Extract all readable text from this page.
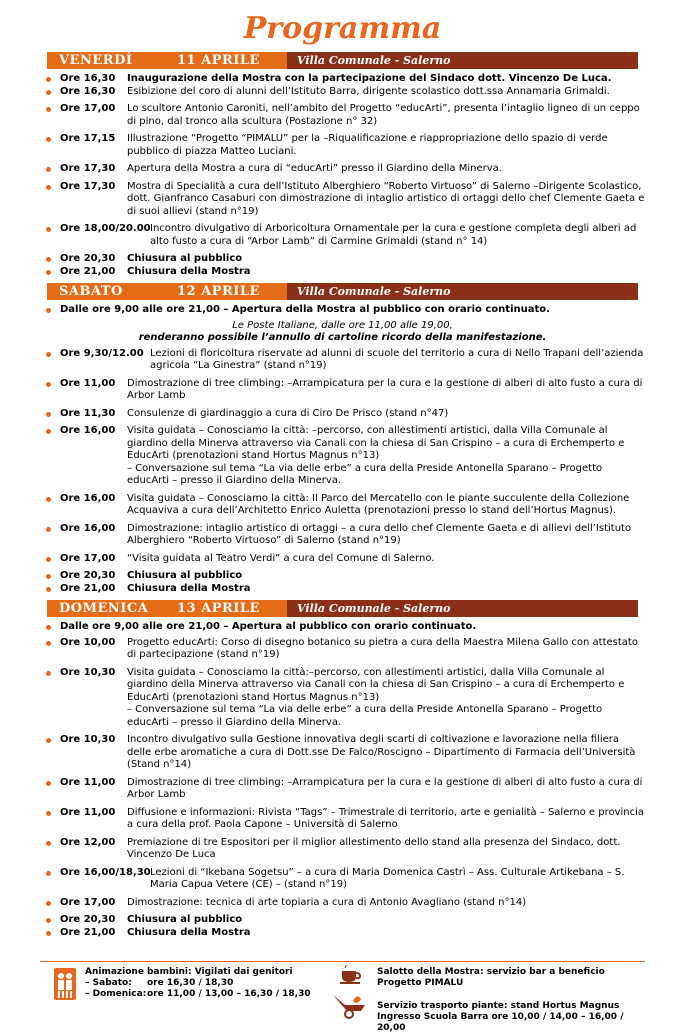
Programma
VENERDÌ	11 APRILE	Villa Comunale - Salerno
Ore 16,30 Inaugurazione della Mostra con la partecipazione del Sindaco dott. Vincenzo De Luca.
Ore 16,30 Esibizione del coro di alunni dell’Istituto Barra, dirigente scolastico dott.ssa Annamaria Grimaldi.
Ore 17,00 Lo scultore Antonio Caroniti, nell’ambito del Progetto “educArti”, presenta l’intaglio ligneo di un ceppo di pino, dal tronco alla scultura (Postazione n° 32)
Ore 17,15 Illustrazione “Progetto “PIMALU” per la –Riqualificazione e riappropriazione dello spazio di verde pubblico di piazza Matteo Luciani.
Ore 17,30 Apertura della Mostra a cura di “educArti” presso il Giardino della Minerva.
Ore 17,30 Mostra di Specialità a cura dell’Istituto Alberghiero “Roberto Virtuoso” di Salerno –Dirigente Scolastico, dott. Gianfranco Casaburi con dimostrazione di intaglio artistico di ortaggi dello chef Clemente Gaeta e di suoi allievi (stand n°19)
Ore 18,00/20.00 Incontro divulgativo di Arboricoltura Ornamentale per la cura e gestione completa degli alberi ad alto fusto a cura di “Arbor Lamb” di Carmine Grimaldi (stand n° 14)
Ore 20,30 Chiusura al pubblico
Ore 21,00 Chiusura della Mostra
SABATO	12 APRILE	Villa Comunale - Salerno
Dalle ore 9,00 alle ore 21,00 – Apertura della Mostra al pubblico con orario continuato.
Le Poste Italiane, dalle ore 11,00 alle 19,00,
renderanno possibile l’annullo di cartoline ricordo della manifestazione.
Ore 9,30/12.00 Lezioni di floricoltura riservate ad alunni di scuole del territorio a cura di Nello Trapani dell’azienda agricola “La Ginestra” (stand n°19)
Ore 11,00 Dimostrazione di tree climbing: –Arrampicatura per la cura e la gestione di alberi di alto fusto a cura di Arbor Lamb
Ore 11,30 Consulenze di giardinaggio a cura di Ciro De Prisco (stand n°47)
Ore 16,00 Visita guidata – Conosciamo la città: –percorso, con allestimenti artistici, dalla Villa Comunale al giardino della Minerva attraverso via Canali con la chiesa di San Crispino – a cura di Erchemperto e EducArti (prenotazioni stand Hortus Magnus n°13)
– Conversazione sul tema “La via delle erbe” a cura della Preside Antonella Sparano – Progetto educArti – presso il Giardino della Minerva.
Ore 16,00 Visita guidata – Conosciamo la città: Il Parco del Mercatello con le piante succulente della Collezione Acquaviva a cura dell’Architetto Enrico Auletta (prenotazioni presso lo stand dell’Hortus Magnus).
Ore 16,00 Dimostrazione: intaglio artistico di ortaggi – a cura dello chef Clemente Gaeta e di allievi dell’Istituto Alberghiero “Roberto Virtuoso” di Salerno (stand n°19)
Ore 17,00 “Visita guidata al Teatro Verdi” a cura del Comune di Salerno.
Ore 20,30 Chiusura al pubblico
Ore 21,00 Chiusura della Mostra
DOMENICA 13 APRILE	Villa Comunale - Salerno
Dalle ore 9,00 alle ore 21,00 – Apertura al pubblico con orario continuato.
Ore 10,00 Progetto educArti: Corso di disegno botanico su pietra a cura della Maestra Milena Gallo con attestato di partecipazione (stand n°19)
Ore 10,30 Visita guidata – Conosciamo la città:–percorso, con allestimenti artistici, dalla Villa Comunale al giardino della Minerva attraverso via Canali con la chiesa di San Crispino – a cura di Erchemperto e EducArti (prenotazioni stand Hortus Magnus n°13)
– Conversazione sul tema “La via delle erbe” a cura della Preside Antonella Sparano – Progetto educArti – presso il Giardino della Minerva.
Ore 10,30 Incontro divulgativo sulla Gestione innovativa degli scarti di coltivazione e lavorazione nella filiera delle erbe aromatiche a cura di Dott.sse De Falco/Roscigno – Dipartimento di Farmacia dell’Università (Stand n°14)
Ore 11,00 Dimostrazione di tree climbing: –Arrampicatura per la cura e la gestione di alberi di alto fusto a cura di Arbor Lamb
Ore 11,00 Diffusione e informazioni: Rivista “Tags” – Trimestrale di territorio, arte e genialità – Salerno e provincia a cura della prof. Paola Capone – Università di Salerno
Ore 12,00 Premiazione di tre Espositori per il miglior allestimento dello stand alla presenza del Sindaco, dott. Vincenzo De Luca
Ore 16,00/18,30 Lezioni di “Ikebana Sogetsu” – a cura di Maria Domenica Castrì – Ass. Culturale Artikebana – S. Maria Capua Vetere (CE) – (stand n°19)
Ore 17,00 Dimostrazione: tecnica di arte topiaria a cura di Antonio Avagliano (stand n°14)
Ore 20,30 Chiusura al pubblico
Ore 21,00 Chiusura della Mostra
Animazione bambini: Vigilati dai genitori
– Sabato: ore 16,30 / 18,30
– Domenica:ore 11,00 / 13,00 – 16,30 / 18,30
Salotto della Mostra: servizio bar a beneficio Progetto PIMALU
Servizio trasporto piante: stand Hortus Magnus
Ingresso Scuola Barra ore 10,00 / 14,00 – 16,00 / 20,00
